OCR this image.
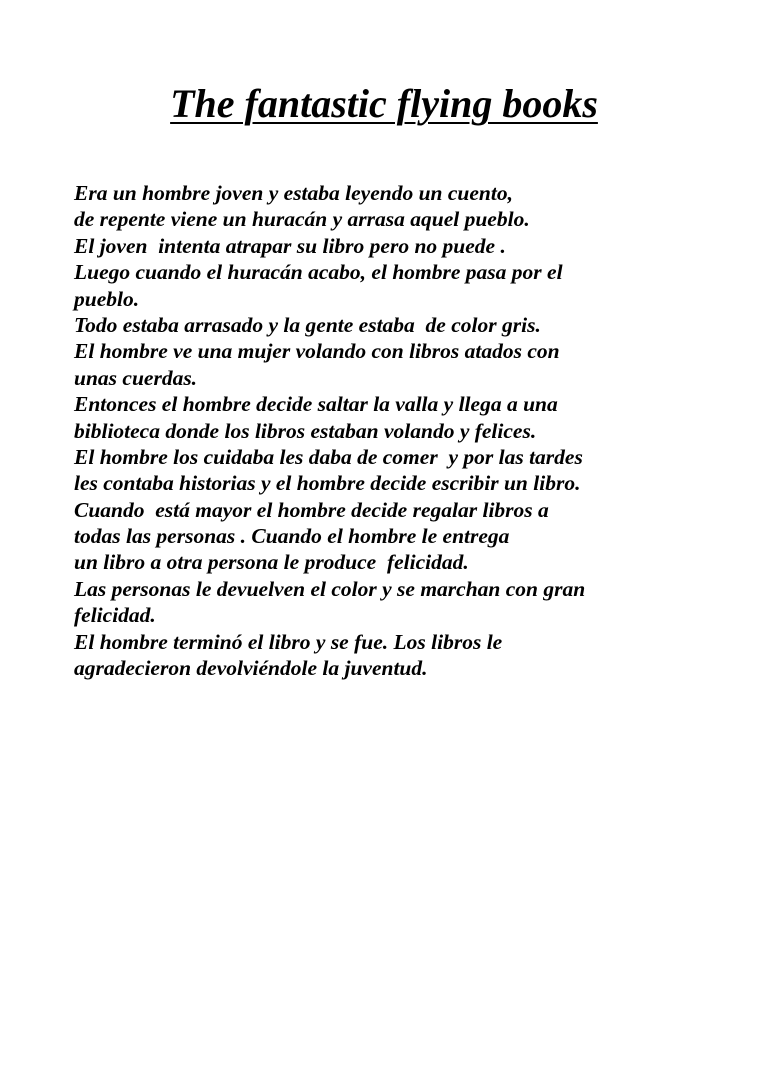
The fantastic flying books
Era un hombre joven y estaba leyendo un cuento,
de repente viene un huracán y arrasa aquel pueblo.
El joven  intenta atrapar su libro pero no puede .
Luego cuando el huracán acabo, el hombre pasa por el
pueblo.
Todo estaba arrasado y la gente estaba  de color gris.
El hombre ve una mujer volando con libros atados con
unas cuerdas.
Entonces el hombre decide saltar la valla y llega a una
biblioteca donde los libros estaban volando y felices.
El hombre los cuidaba les daba de comer  y por las tardes
les contaba historias y el hombre decide escribir un libro.
Cuando  está mayor el hombre decide regalar libros a
todas las personas . Cuando el hombre le entrega
un libro a otra persona le produce  felicidad.
Las personas le devuelven el color y se marchan con gran
felicidad.
El hombre terminó el libro y se fue. Los libros le
agradecieron devolviéndole la juventud.
